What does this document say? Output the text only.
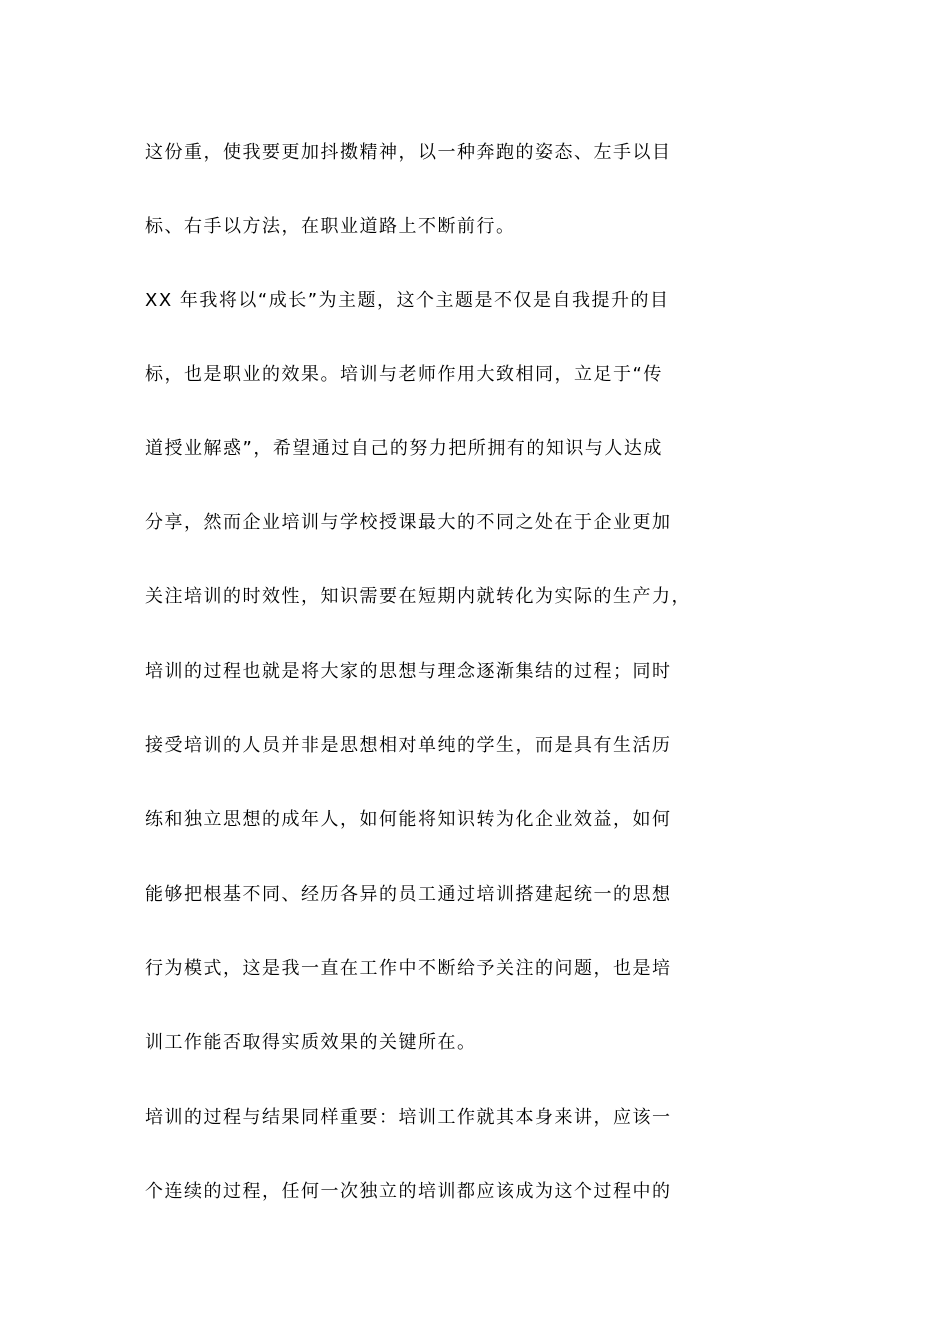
这份重，使我要更加抖擞精神，以一种奔跑的姿态、左手以目
标、右手以方法，在职业道路上不断前行。
XX 年我将以“成长”为主题，这个主题是不仅是自我提升的目
标，也是职业的效果。培训与老师作用大致相同，立足于“传
道授业解惑”，希望通过自己的努力把所拥有的知识与人达成
分享，然而企业培训与学校授课最大的不同之处在于企业更加
关注培训的时效性，知识需要在短期内就转化为实际的生产力，
培训的过程也就是将大家的思想与理念逐渐集结的过程；同时
接受培训的人员并非是思想相对单纯的学生，而是具有生活历
练和独立思想的成年人，如何能将知识转为化企业效益，如何
能够把根基不同、经历各异的员工通过培训搭建起统一的思想
行为模式，这是我一直在工作中不断给予关注的问题，也是培
训工作能否取得实质效果的关键所在。
培训的过程与结果同样重要：培训工作就其本身来讲，应该一
个连续的过程，任何一次独立的培训都应该成为这个过程中的
